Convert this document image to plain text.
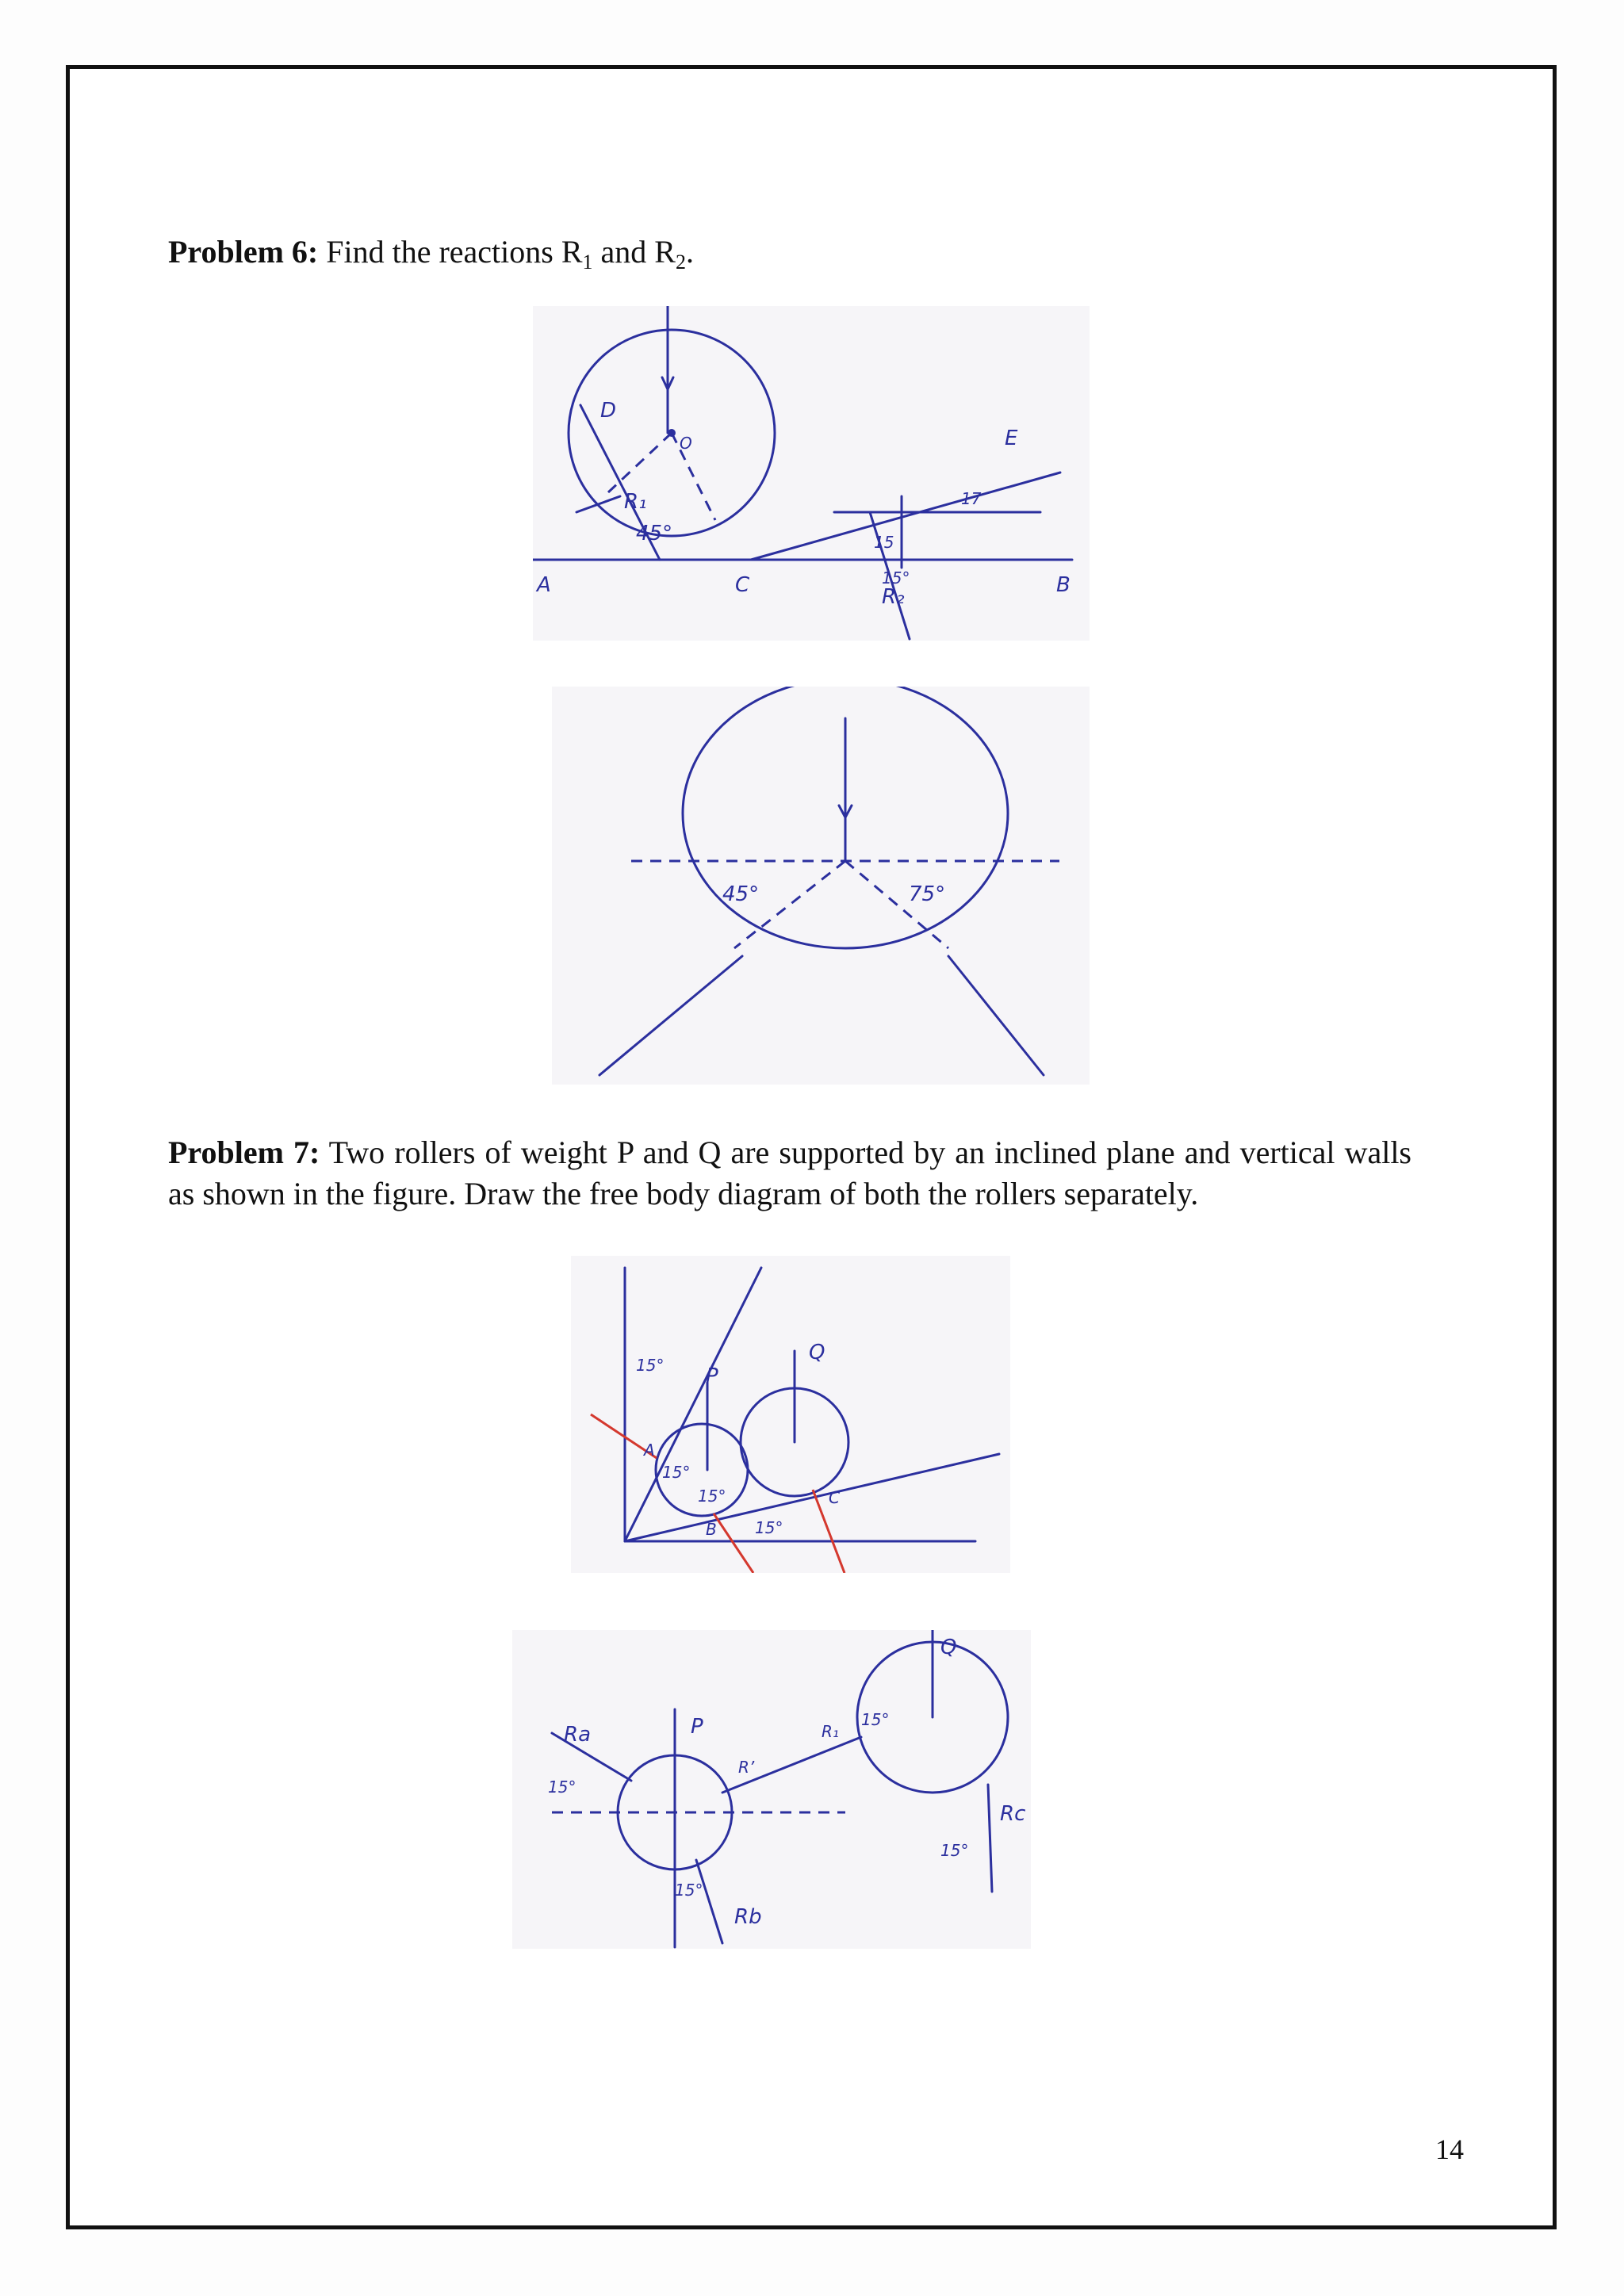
Problem 6: Find the reactions $R_1$ and $R_2$.
D
E
A	B
C
O
R₁
R₂
45°	15
15°
17
45°	75°
Problem 7: Two rollers of weight P and Q are supported by an inclined plane and vertical walls as shown in the figure. Draw the free body diagram of both the rollers separately.
P
Q
A
B
C
15°
15°
15°
15°
Ra	P
Q
R’
R₁
Rb
Rc
15°
15°
15°
15°
14
